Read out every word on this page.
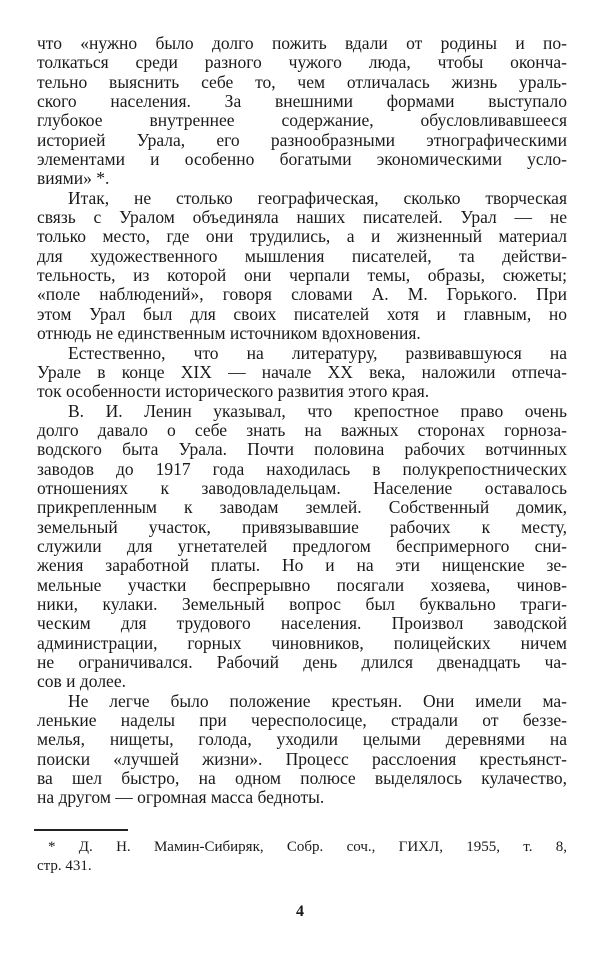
что «нужно было долго пожить вдали от родины и по-
толкаться среди разного чужого люда, чтобы оконча-
тельно выяснить себе то, чем отличалась жизнь ураль-
ского населения. За внешними формами выступало
глубокое внутреннее содержание, обусловливавшееся
историей Урала, его разнообразными этнографическими
элементами и особенно богатыми экономическими усло-
виями» *.
Итак, не столько географическая, сколько творческая
связь с Уралом объединяла наших писателей. Урал — не
только место, где они трудились, а и жизненный материал
для художественного мышления писателей, та действи-
тельность, из которой они черпали темы, образы, сюжеты;
«поле наблюдений», говоря словами А. М. Горького. При
этом Урал был для своих писателей хотя и главным, но
отнюдь не единственным источником вдохновения.
Естественно, что на литературу, развивавшуюся на
Урале в конце XIX — начале XX века, наложили отпеча-
ток особенности исторического развития этого края.
В. И. Ленин указывал, что крепостное право очень
долго давало о себе знать на важных сторонах горноза-
водского быта Урала. Почти половина рабочих вотчинных
заводов до 1917 года находилась в полукрепостнических
отношениях к заводовладельцам. Население оставалось
прикрепленным к заводам землей. Собственный домик,
земельный участок, привязывавшие рабочих к месту,
служили для угнетателей предлогом беспримерного сни-
жения заработной платы. Но и на эти нищенские зе-
мельные участки беспрерывно посягали хозяева, чинов-
ники, кулаки. Земельный вопрос был буквально траги-
ческим для трудового населения. Произвол заводской
администрации, горных чиновников, полицейских ничем
не ограничивался. Рабочий день длился двенадцать ча-
сов и долее.
Не легче было положение крестьян. Они имели ма-
ленькие наделы при чересполосице, страдали от беззе-
мелья, нищеты, голода, уходили целыми деревнями на
поиски «лучшей жизни». Процесс расслоения крестьянст-
ва шел быстро, на одном полюсе выделялось кулачество,
на другом — огромная масса бедноты.
* Д. Н. Мамин-Сибиряк, Собр. соч., ГИХЛ, 1955, т. 8,
стр. 431.
4
